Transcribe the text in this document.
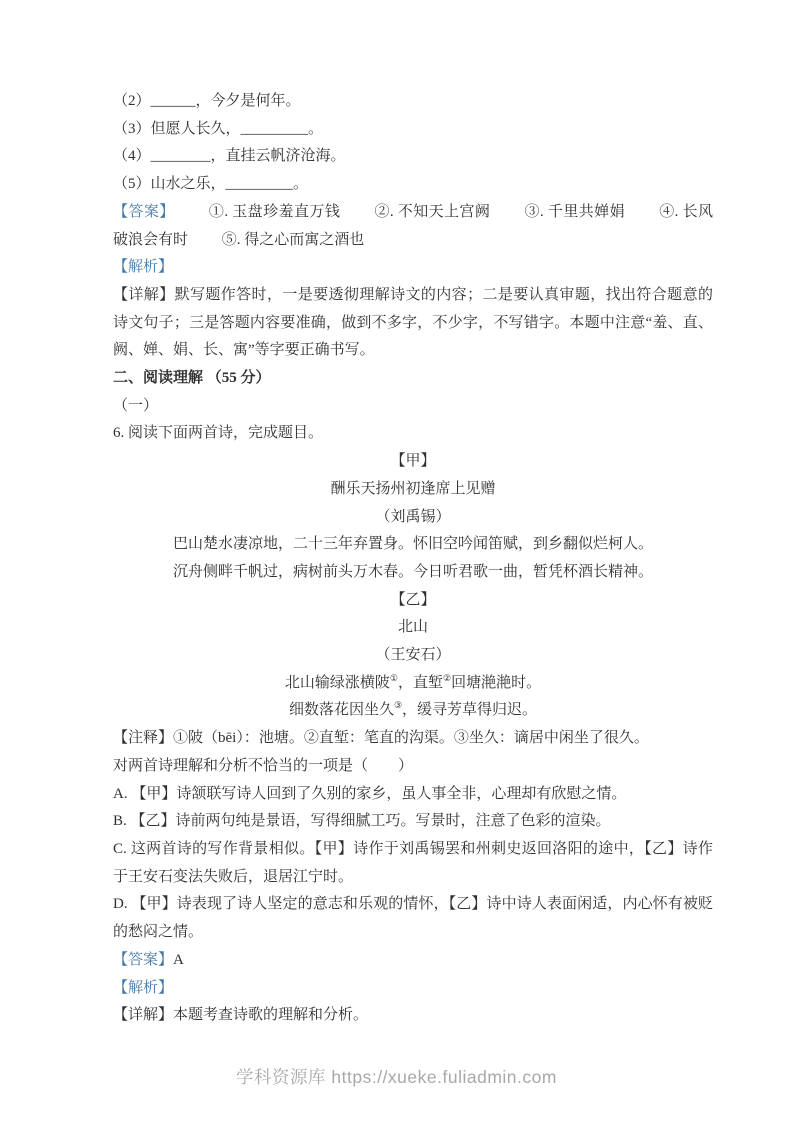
（2）______，今夕是何年。

（3）但愿人长久，_________。

（4）________，直挂云帆济沧海。

（5）山水之乐，_________。

【答案】 ①. 玉盘珍羞直万钱 ②. 不知天上宫阙 ③. 千里共婵娟 ④. 长风破浪会有时 ⑤. 得之心而寓之酒也

【解析】

【详解】默写题作答时，一是要透彻理解诗文的内容；二是要认真审题，找出符合题意的诗文句子；三是答题内容要准确，做到不多字，不少字，不写错字。本题中注意“羞、直、阙、婵、娟、长、寓”等字要正确书写。

二、阅读理解 （55 分）

（一）

6. 阅读下面两首诗，完成题目。

【甲】

酬乐天扬州初逢席上见赠

（刘禹锡）

巴山楚水凄凉地，二十三年弃置身。怀旧空吟闻笛赋，到乡翻似烂柯人。

沉舟侧畔千帆过，病树前头万木春。今日听君歌一曲，暂凭杯酒长精神。

【乙】

北山

（王安石）

北山输绿涨横陂①，直堑②回塘滟滟时。

细数落花因坐久③，缓寻芳草得归迟。

【注释】①陂（bēi）：池塘。②直堑：笔直的沟渠。③坐久：谪居中闲坐了很久。

对两首诗理解和分析不恰当的一项是（　　）

A. 【甲】诗颔联写诗人回到了久别的家乡，虽人事全非，心理却有欣慰之情。

B. 【乙】诗前两句纯是景语，写得细腻工巧。写景时，注意了色彩的渲染。

C. 这两首诗的写作背景相似。【甲】诗作于刘禹锡罢和州刺史返回洛阳的途中，【乙】诗作于王安石变法失败后，退居江宁时。

D. 【甲】诗表现了诗人坚定的意志和乐观的情怀，【乙】诗中诗人表面闲适，内心怀有被贬的愁闷之情。

【答案】A

【解析】

【详解】本题考查诗歌的理解和分析。

学科资源库 https://xueke.fuliadmin.com
